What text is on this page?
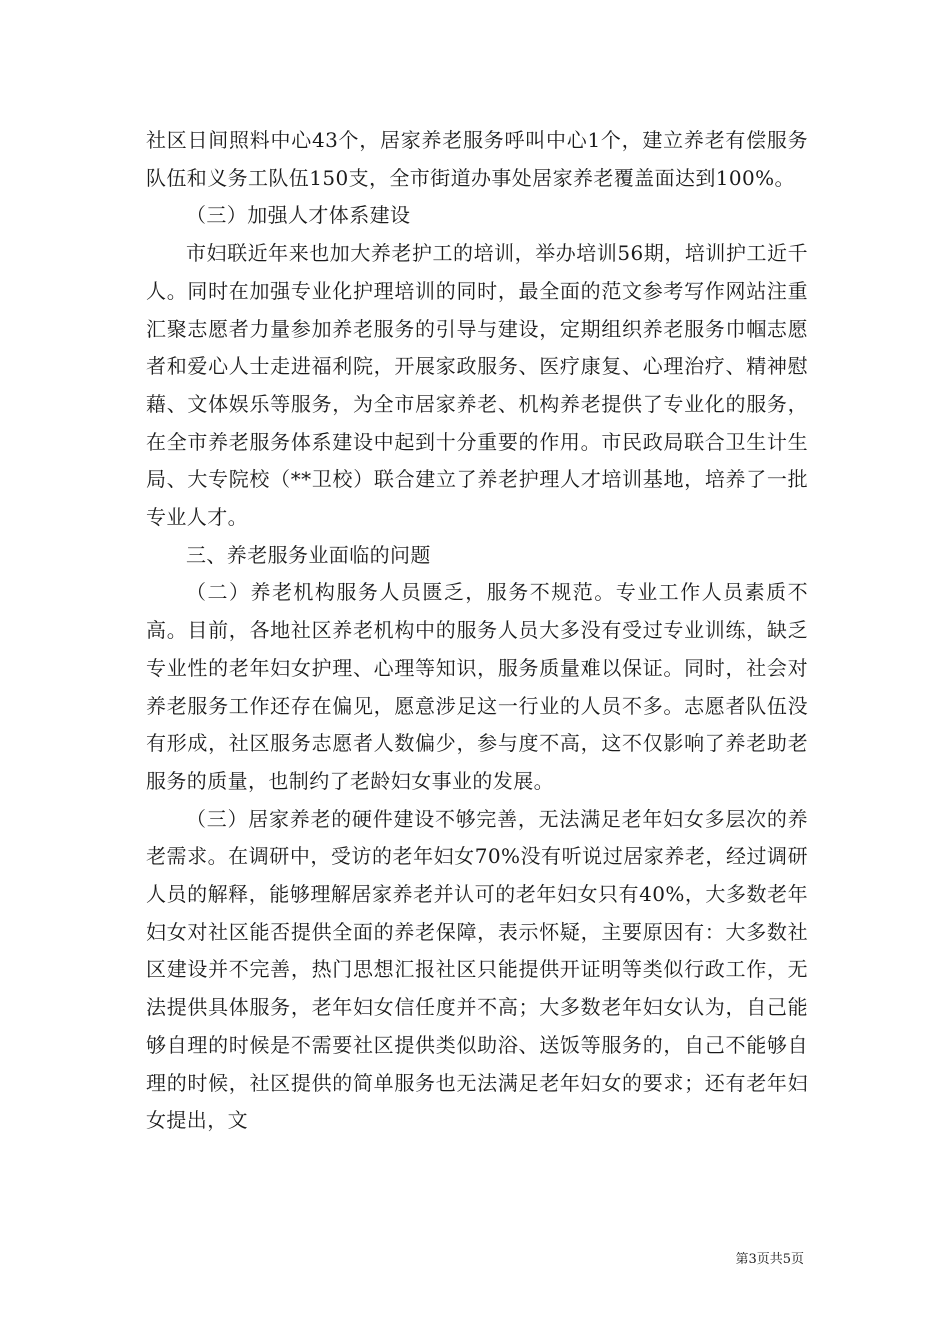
社区日间照料中心43个，居家养老服务呼叫中心1个，建立养老有偿服务队伍和义务工队伍150支，全市街道办事处居家养老覆盖面达到100%。

（三）加强人才体系建设

市妇联近年来也加大养老护工的培训，举办培训56期，培训护工近千人。同时在加强专业化护理培训的同时，最全面的范文参考写作网站注重汇聚志愿者力量参加养老服务的引导与建设，定期组织养老服务巾帼志愿者和爱心人士走进福利院，开展家政服务、医疗康复、心理治疗、精神慰藉、文体娱乐等服务，为全市居家养老、机构养老提供了专业化的服务，在全市养老服务体系建设中起到十分重要的作用。市民政局联合卫生计生局、大专院校（**卫校）联合建立了养老护理人才培训基地，培养了一批专业人才。

三、养老服务业面临的问题

（二）养老机构服务人员匮乏，服务不规范。专业工作人员素质不高。目前，各地社区养老机构中的服务人员大多没有受过专业训练，缺乏专业性的老年妇女护理、心理等知识，服务质量难以保证。同时，社会对养老服务工作还存在偏见，愿意涉足这一行业的人员不多。志愿者队伍没有形成，社区服务志愿者人数偏少，参与度不高，这不仅影响了养老助老服务的质量，也制约了老龄妇女事业的发展。

（三）居家养老的硬件建设不够完善，无法满足老年妇女多层次的养老需求。在调研中，受访的老年妇女70%没有听说过居家养老，经过调研人员的解释，能够理解居家养老并认可的老年妇女只有40%，大多数老年妇女对社区能否提供全面的养老保障，表示怀疑，主要原因有：大多数社区建设并不完善，热门思想汇报社区只能提供开证明等类似行政工作，无法提供具体服务，老年妇女信任度并不高；大多数老年妇女认为，自己能够自理的时候是不需要社区提供类似助浴、送饭等服务的，自己不能够自理的时候，社区提供的简单服务也无法满足老年妇女的要求；还有老年妇女提出，文

第3页共5页
